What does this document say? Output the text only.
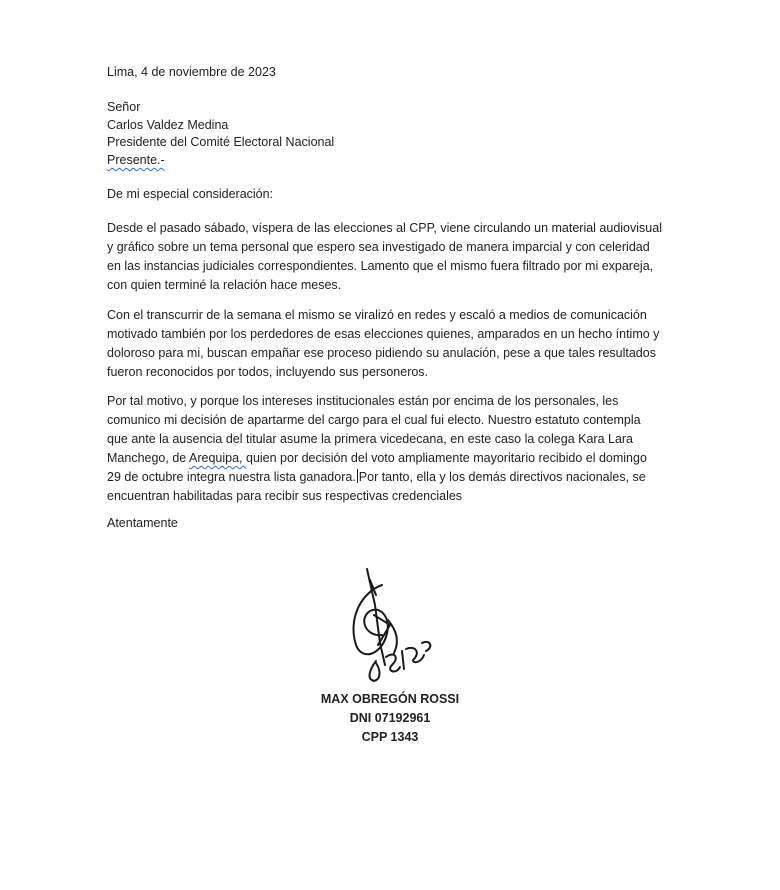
Lima, 4 de noviembre de 2023
Señor
Carlos Valdez Medina
Presidente del Comité Electoral Nacional
Presente.-
De mi especial consideración:
Desde el pasado sábado, víspera de las elecciones al CPP, viene circulando un material audiovisual
y gráfico sobre un tema personal que espero sea investigado de manera imparcial y con celeridad
en las instancias judiciales correspondientes. Lamento que el mismo fuera filtrado por mi expareja,
con quien terminé la relación hace meses.
Con el transcurrir de la semana el mismo se viralizó en redes y escaló a medios de comunicación
motivado también por los perdedores de esas elecciones quienes, amparados en un hecho íntimo y
doloroso para mi, buscan empañar ese proceso pidiendo su anulación, pese a que tales resultados
fueron reconocidos por todos, incluyendo sus personeros.
Por tal motivo, y porque los intereses institucionales están por encima de los personales, les
comunico mi decisión de apartarme del cargo para el cual fui electo. Nuestro estatuto contempla
que ante la ausencia del titular asume la primera vicedecana, en este caso la colega Kara Lara
Manchego, de Arequipa, quien por decisión del voto ampliamente mayoritario recibido el domingo
29 de octubre integra nuestra lista ganadora. Por tanto, ella y los demás directivos nacionales, se
encuentran habilitadas para recibir sus respectivas credenciales
Atentamente
MAX OBREGÓN ROSSI
DNI 07192961
CPP 1343
